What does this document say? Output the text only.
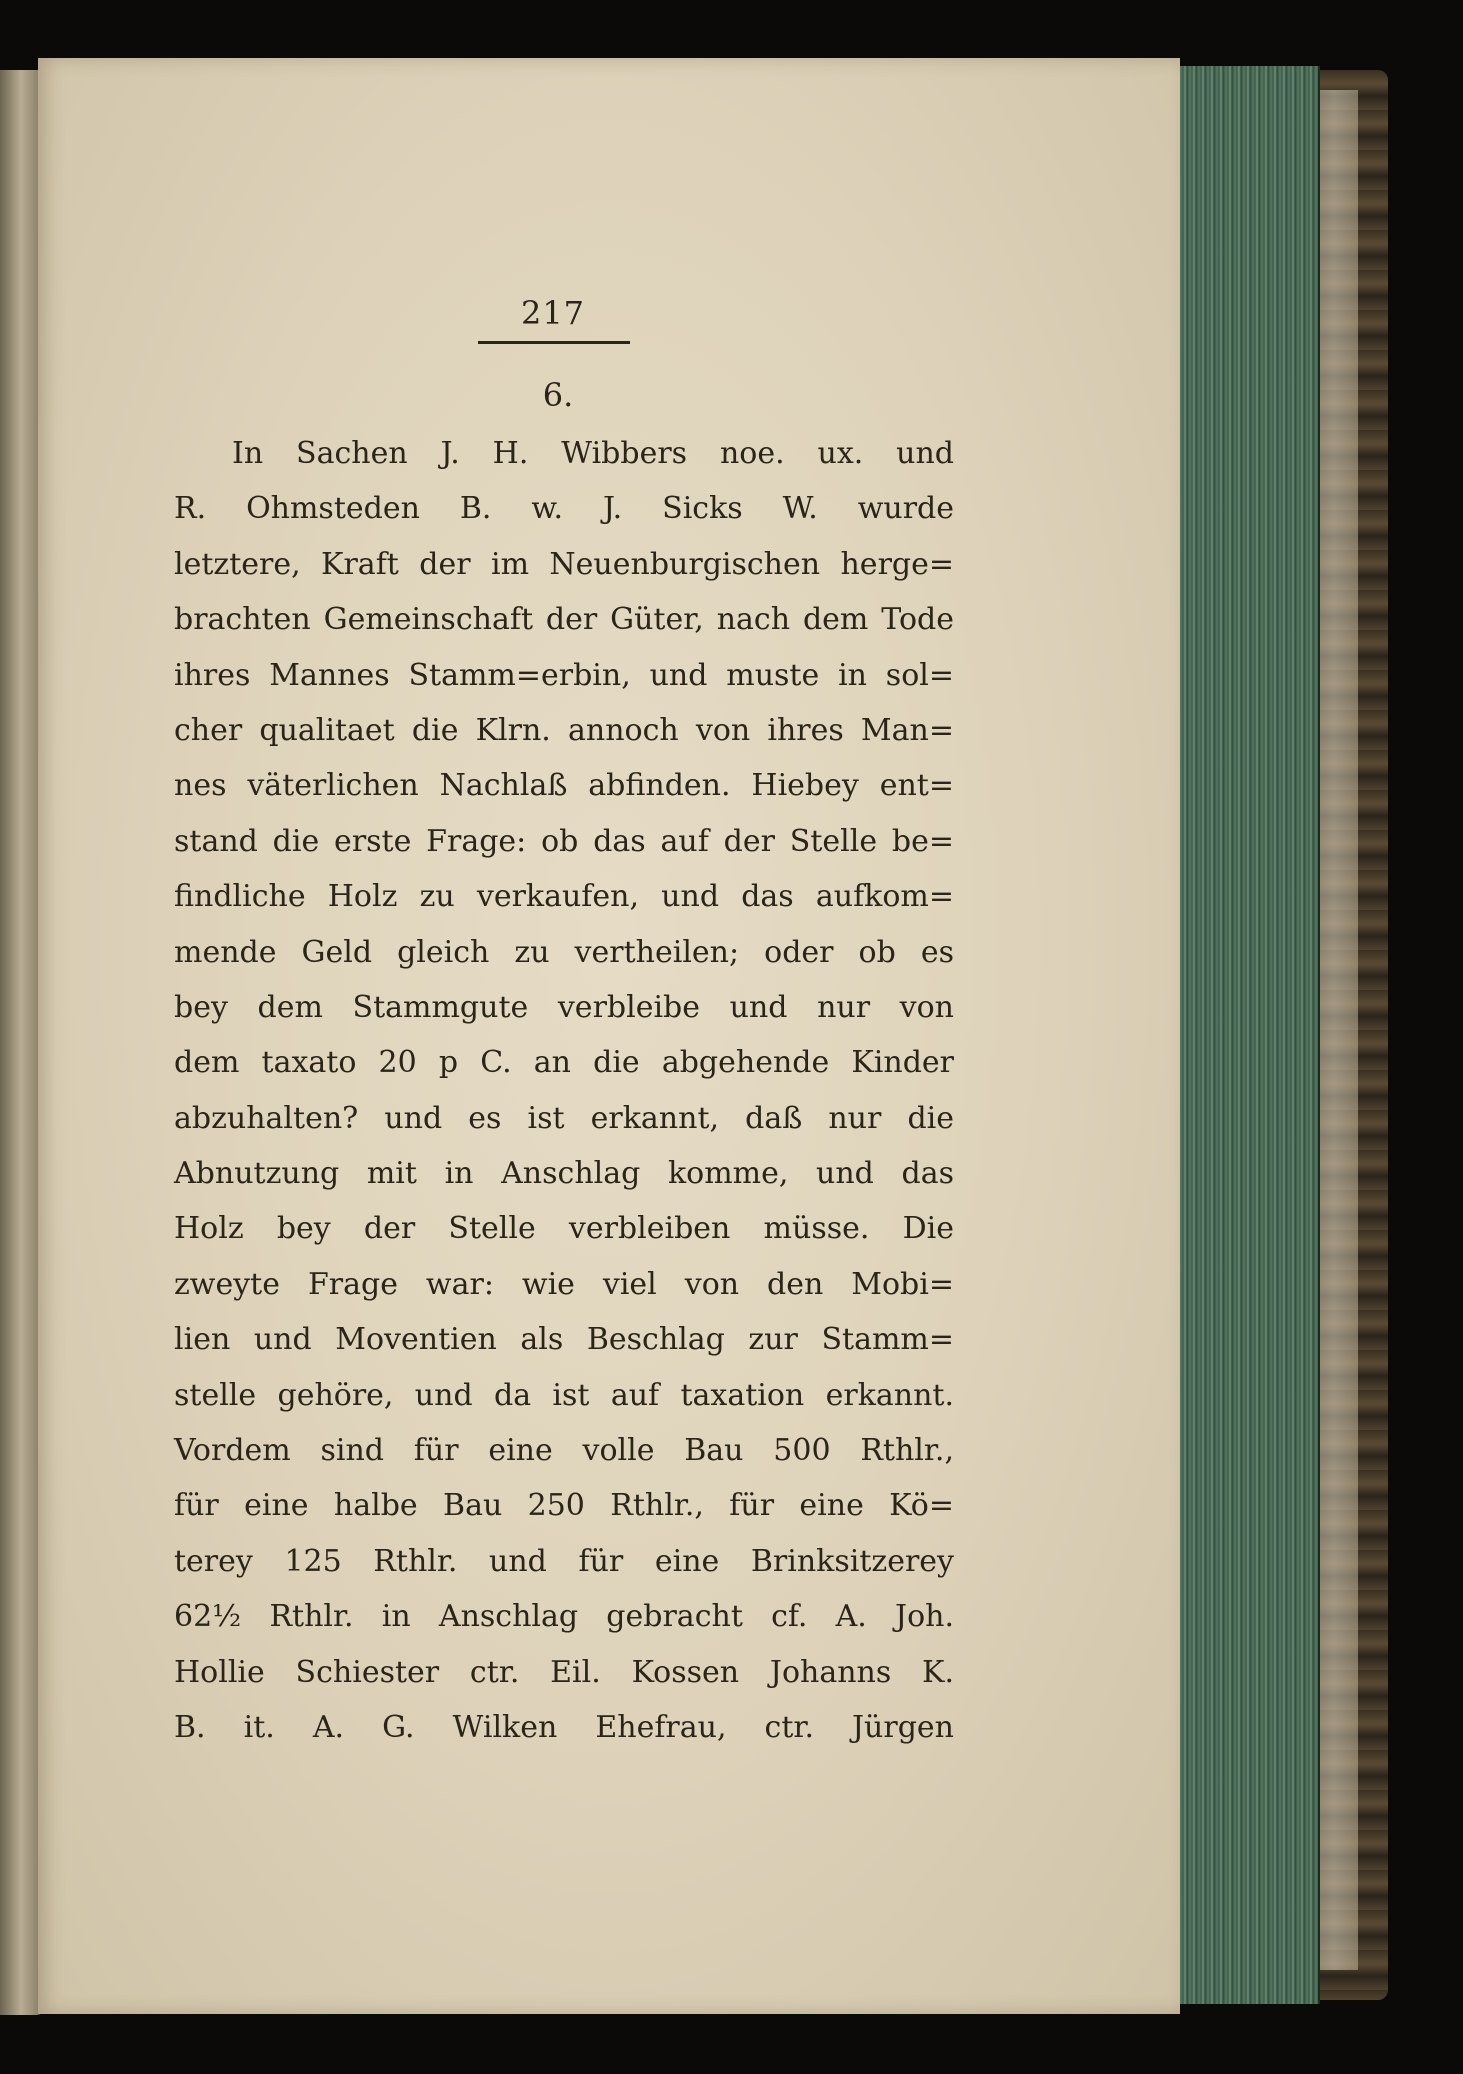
217
6.
In Sachen J. H. Wibbers noe. ux. und
R. Ohmsteden B. w. J. Sicks W. wurde
letztere, Kraft der im Neuenburgischen herge=
brachten Gemeinschaft der Güter, nach dem Tode
ihres Mannes Stamm=erbin, und muste in sol=
cher qualitaet die Klrn. annoch von ihres Man=
nes väterlichen Nachlaß abfinden. Hiebey ent=
stand die erste Frage: ob das auf der Stelle be=
findliche Holz zu verkaufen, und das aufkom=
mende Geld gleich zu vertheilen; oder ob es
bey dem Stammgute verbleibe und nur von
dem taxato 20 p C. an die abgehende Kinder
abzuhalten? und es ist erkannt, daß nur die
Abnutzung mit in Anschlag komme, und das
Holz bey der Stelle verbleiben müsse. Die
zweyte Frage war: wie viel von den Mobi=
lien und Moventien als Beschlag zur Stamm=
stelle gehöre, und da ist auf taxation erkannt.
Vordem sind für eine volle Bau 500 Rthlr.,
für eine halbe Bau 250 Rthlr., für eine Kö=
terey 125 Rthlr. und für eine Brinksitzerey
62½ Rthlr. in Anschlag gebracht cf. A. Joh.
Hollie Schiester ctr. Eil. Kossen Johanns K.
B. it. A. G. Wilken Ehefrau, ctr. Jürgen
